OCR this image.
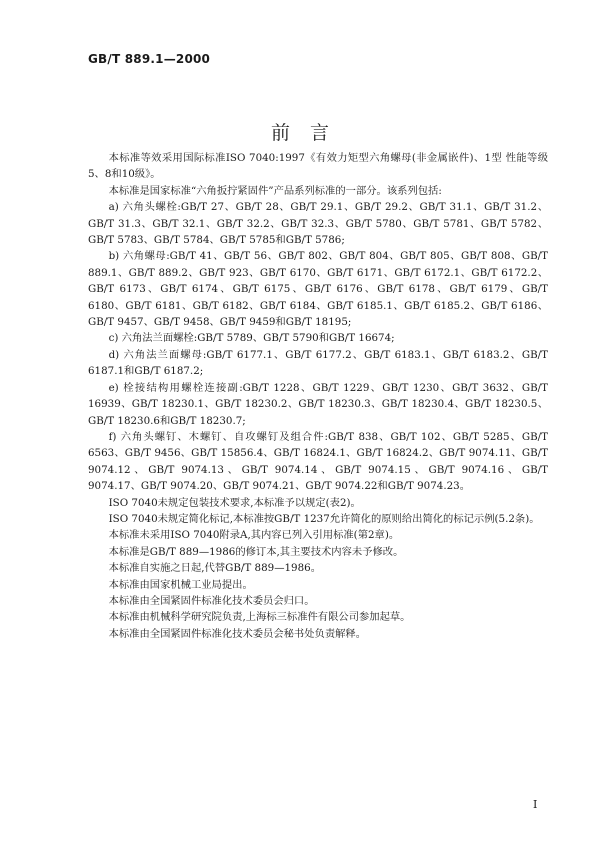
GB/T 889.1—2000
前言

本标准等效采用国际标准ISO 7040:1997《有效力矩型六角螺母(非金属嵌件)、1型 性能等级5、8和10级》。

本标准是国家标准“六角扳拧紧固件”产品系列标准的一部分。该系列包括:

a) 六角头螺栓:GB/T 27、GB/T 28、GB/T 29.1、GB/T 29.2、GB/T 31.1、GB/T 31.2、GB/T 31.3、GB/T 32.1、GB/T 32.2、GB/T 32.3、GB/T 5780、GB/T 5781、GB/T 5782、GB/T 5783、GB/T 5784、GB/T 5785和GB/T 5786;

b) 六角螺母:GB/T 41、GB/T 56、GB/T 802、GB/T 804、GB/T 805、GB/T 808、GB/T 889.1、GB/T 889.2、GB/T 923、GB/T 6170、GB/T 6171、GB/T 6172.1、GB/T 6172.2、GB/T 6173、GB/T 6174、GB/T 6175、GB/T 6176、GB/T 6178、GB/T 6179、GB/T 6180、GB/T 6181、GB/T 6182、GB/T 6184、GB/T 6185.1、GB/T 6185.2、GB/T 6186、GB/T 9457、GB/T 9458、GB/T 9459和GB/T 18195;

c) 六角法兰面螺栓:GB/T 5789、GB/T 5790和GB/T 16674;

d) 六角法兰面螺母:GB/T 6177.1、GB/T 6177.2、GB/T 6183.1、GB/T 6183.2、GB/T 6187.1和GB/T 6187.2;

e) 栓接结构用螺栓连接副:GB/T 1228、GB/T 1229、GB/T 1230、GB/T 3632、GB/T 16939、GB/T 18230.1、GB/T 18230.2、GB/T 18230.3、GB/T 18230.4、GB/T 18230.5、GB/T 18230.6和GB/T 18230.7;

f) 六角头螺钉、木螺钉、自攻螺钉及组合件:GB/T 838、GB/T 102、GB/T 5285、GB/T 6563、GB/T 9456、GB/T 15856.4、GB/T 16824.1、GB/T 16824.2、GB/T 9074.11、GB/T 9074.12、GB/T 9074.13、GB/T 9074.14、GB/T 9074.15、GB/T 9074.16、GB/T 9074.17、GB/T 9074.20、GB/T 9074.21、GB/T 9074.22和GB/T 9074.23。

ISO 7040未规定包装技术要求,本标准予以规定(表2)。

ISO 7040未规定简化标记,本标准按GB/T 1237允许简化的原则给出简化的标记示例(5.2条)。

本标准未采用ISO 7040附录A,其内容已列入引用标准(第2章)。

本标准是GB/T 889—1986的修订本,其主要技术内容未予修改。

本标准自实施之日起,代替GB/T 889—1986。

本标准由国家机械工业局提出。

本标准由全国紧固件标准化技术委员会归口。

本标准由机械科学研究院负责,上海标三标准件有限公司参加起草。

本标准由全国紧固件标准化技术委员会秘书处负责解释。

I
